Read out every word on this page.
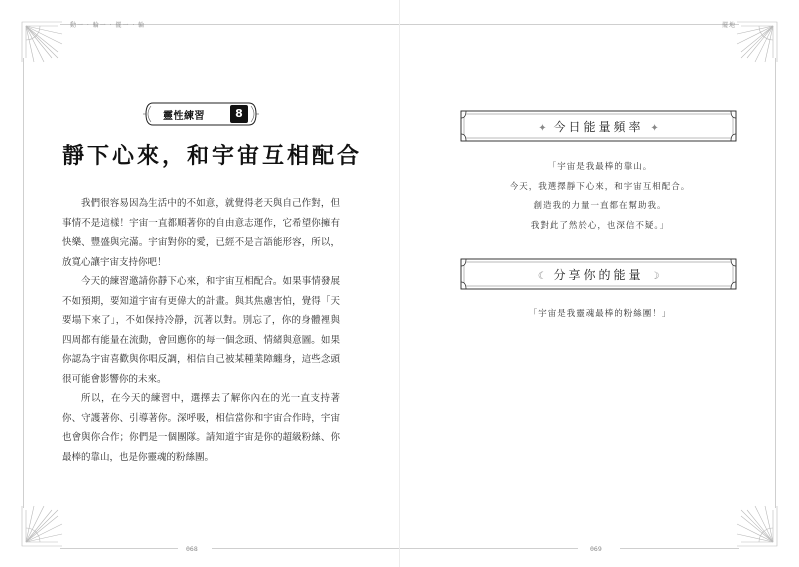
動一 · 輪一 · 擺一 · 輪
068
靈性練習	8
靜下心來，和宇宙互相配合

我們很容易因為生活中的不如意，就覺得老天與自己作對，但事情不是這樣！宇宙一直都順著你的自由意志運作，它希望你擁有快樂、豐盛與完滿。宇宙對你的愛，已經不是言語能形容，所以，放寬心讓宇宙支持你吧！

今天的練習邀請你靜下心來，和宇宙互相配合。如果事情發展不如預期，要知道宇宙有更偉大的計畫。與其焦慮害怕，覺得「天要塌下來了」，不如保持冷靜，沉著以對。別忘了，你的身體裡與四周都有能量在流動，會回應你的每一個念頭、情緒與意圖。如果你認為宇宙喜歡與你唱反調，相信自己被某種業障纏身，這些念頭很可能會影響你的未來。

所以，在今天的練習中，選擇去了解你內在的光一直支持著你、守護著你、引導著你。深呼吸，相信當你和宇宙合作時，宇宙也會與你合作；你們是一個團隊。請知道宇宙是你的超級粉絲、你最棒的靠山，也是你靈魂的粉絲團。

擺地
069
✦ 今日能量頻率 ✦
「宇宙是我最棒的靠山。
今天，我選擇靜下心來，和宇宙互相配合。
創造我的力量一直都在幫助我。
我對此了然於心，也深信不疑。」
☾ 分享你的能量 ☽
「宇宙是我靈魂最棒的粉絲團！」
